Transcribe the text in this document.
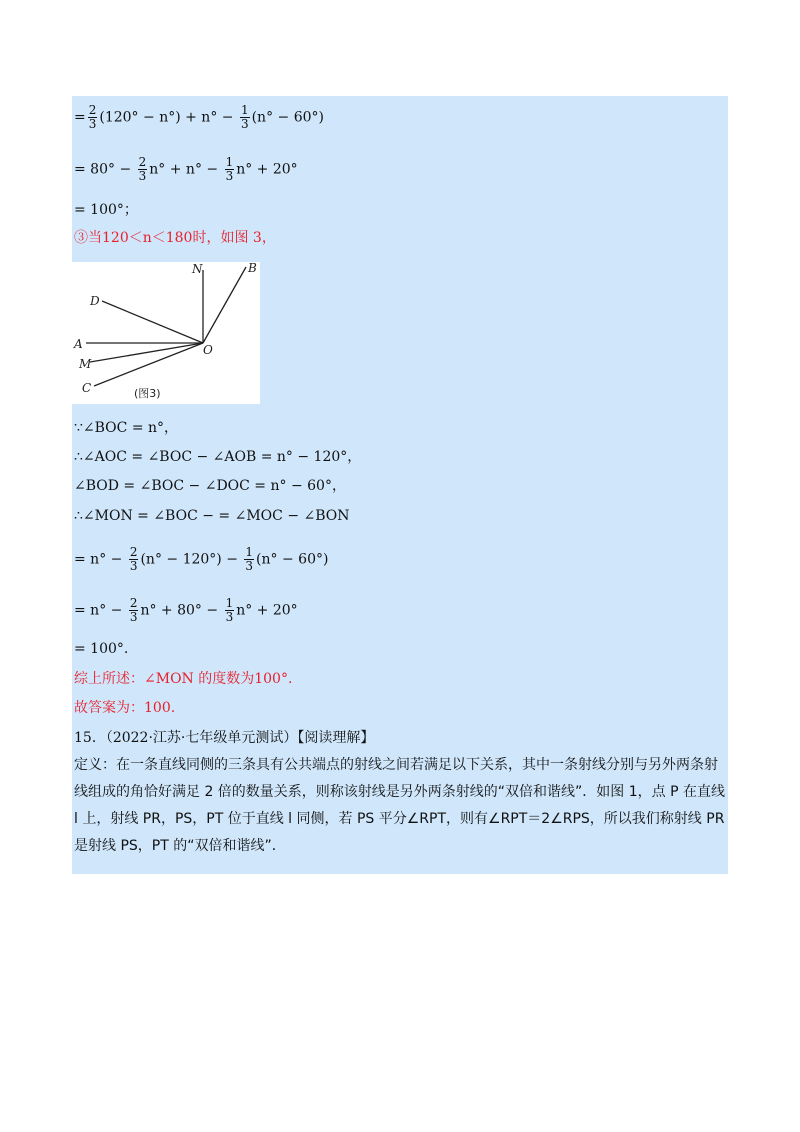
= $\frac{2}{3} (120^\circ - n^\circ) + n^\circ - \frac{1}{3} (n^\circ - 60^\circ)$
= $80^\circ - \frac{2}{3} n^\circ + n^\circ - \frac{1}{3} n^\circ + 20^\circ$
= 100°；
③当120＜n＜180时，如图 3，
N	B
D
A
M
C
O
(图3)
∵∠BOC = n°，
∴∠AOC = ∠BOC − ∠AOB = n° − 120°，
∠BOD = ∠BOC − ∠DOC = n° − 60°，
∴∠MON = ∠BOC − = ∠MOC − ∠BON
= $n^\circ - \frac{2}{3} (n^\circ - 120^\circ) - \frac{1}{3} (n^\circ - 60^\circ)$
= $n^\circ - \frac{2}{3} n^\circ + 80^\circ - \frac{1}{3} n^\circ + 20^\circ$
= 100°.
综上所述：∠MON 的度数为100°.
故答案为：100.
15．（2022·江苏·七年级单元测试）【阅读理解】
定义：在一条直线同侧的三条具有公共端点的射线之间若满足以下关系，其中一条射线分别与另外两条射线组成的角恰好满足 2 倍的数量关系，则称该射线是另外两条射线的“双倍和谐线”．如图 1，点 P 在直线 l 上，射线 PR，PS，PT 位于直线 l 同侧，若 PS 平分∠RPT，则有∠RPT＝2∠RPS，所以我们称射线 PR 是射线 PS，PT 的“双倍和谐线”．
